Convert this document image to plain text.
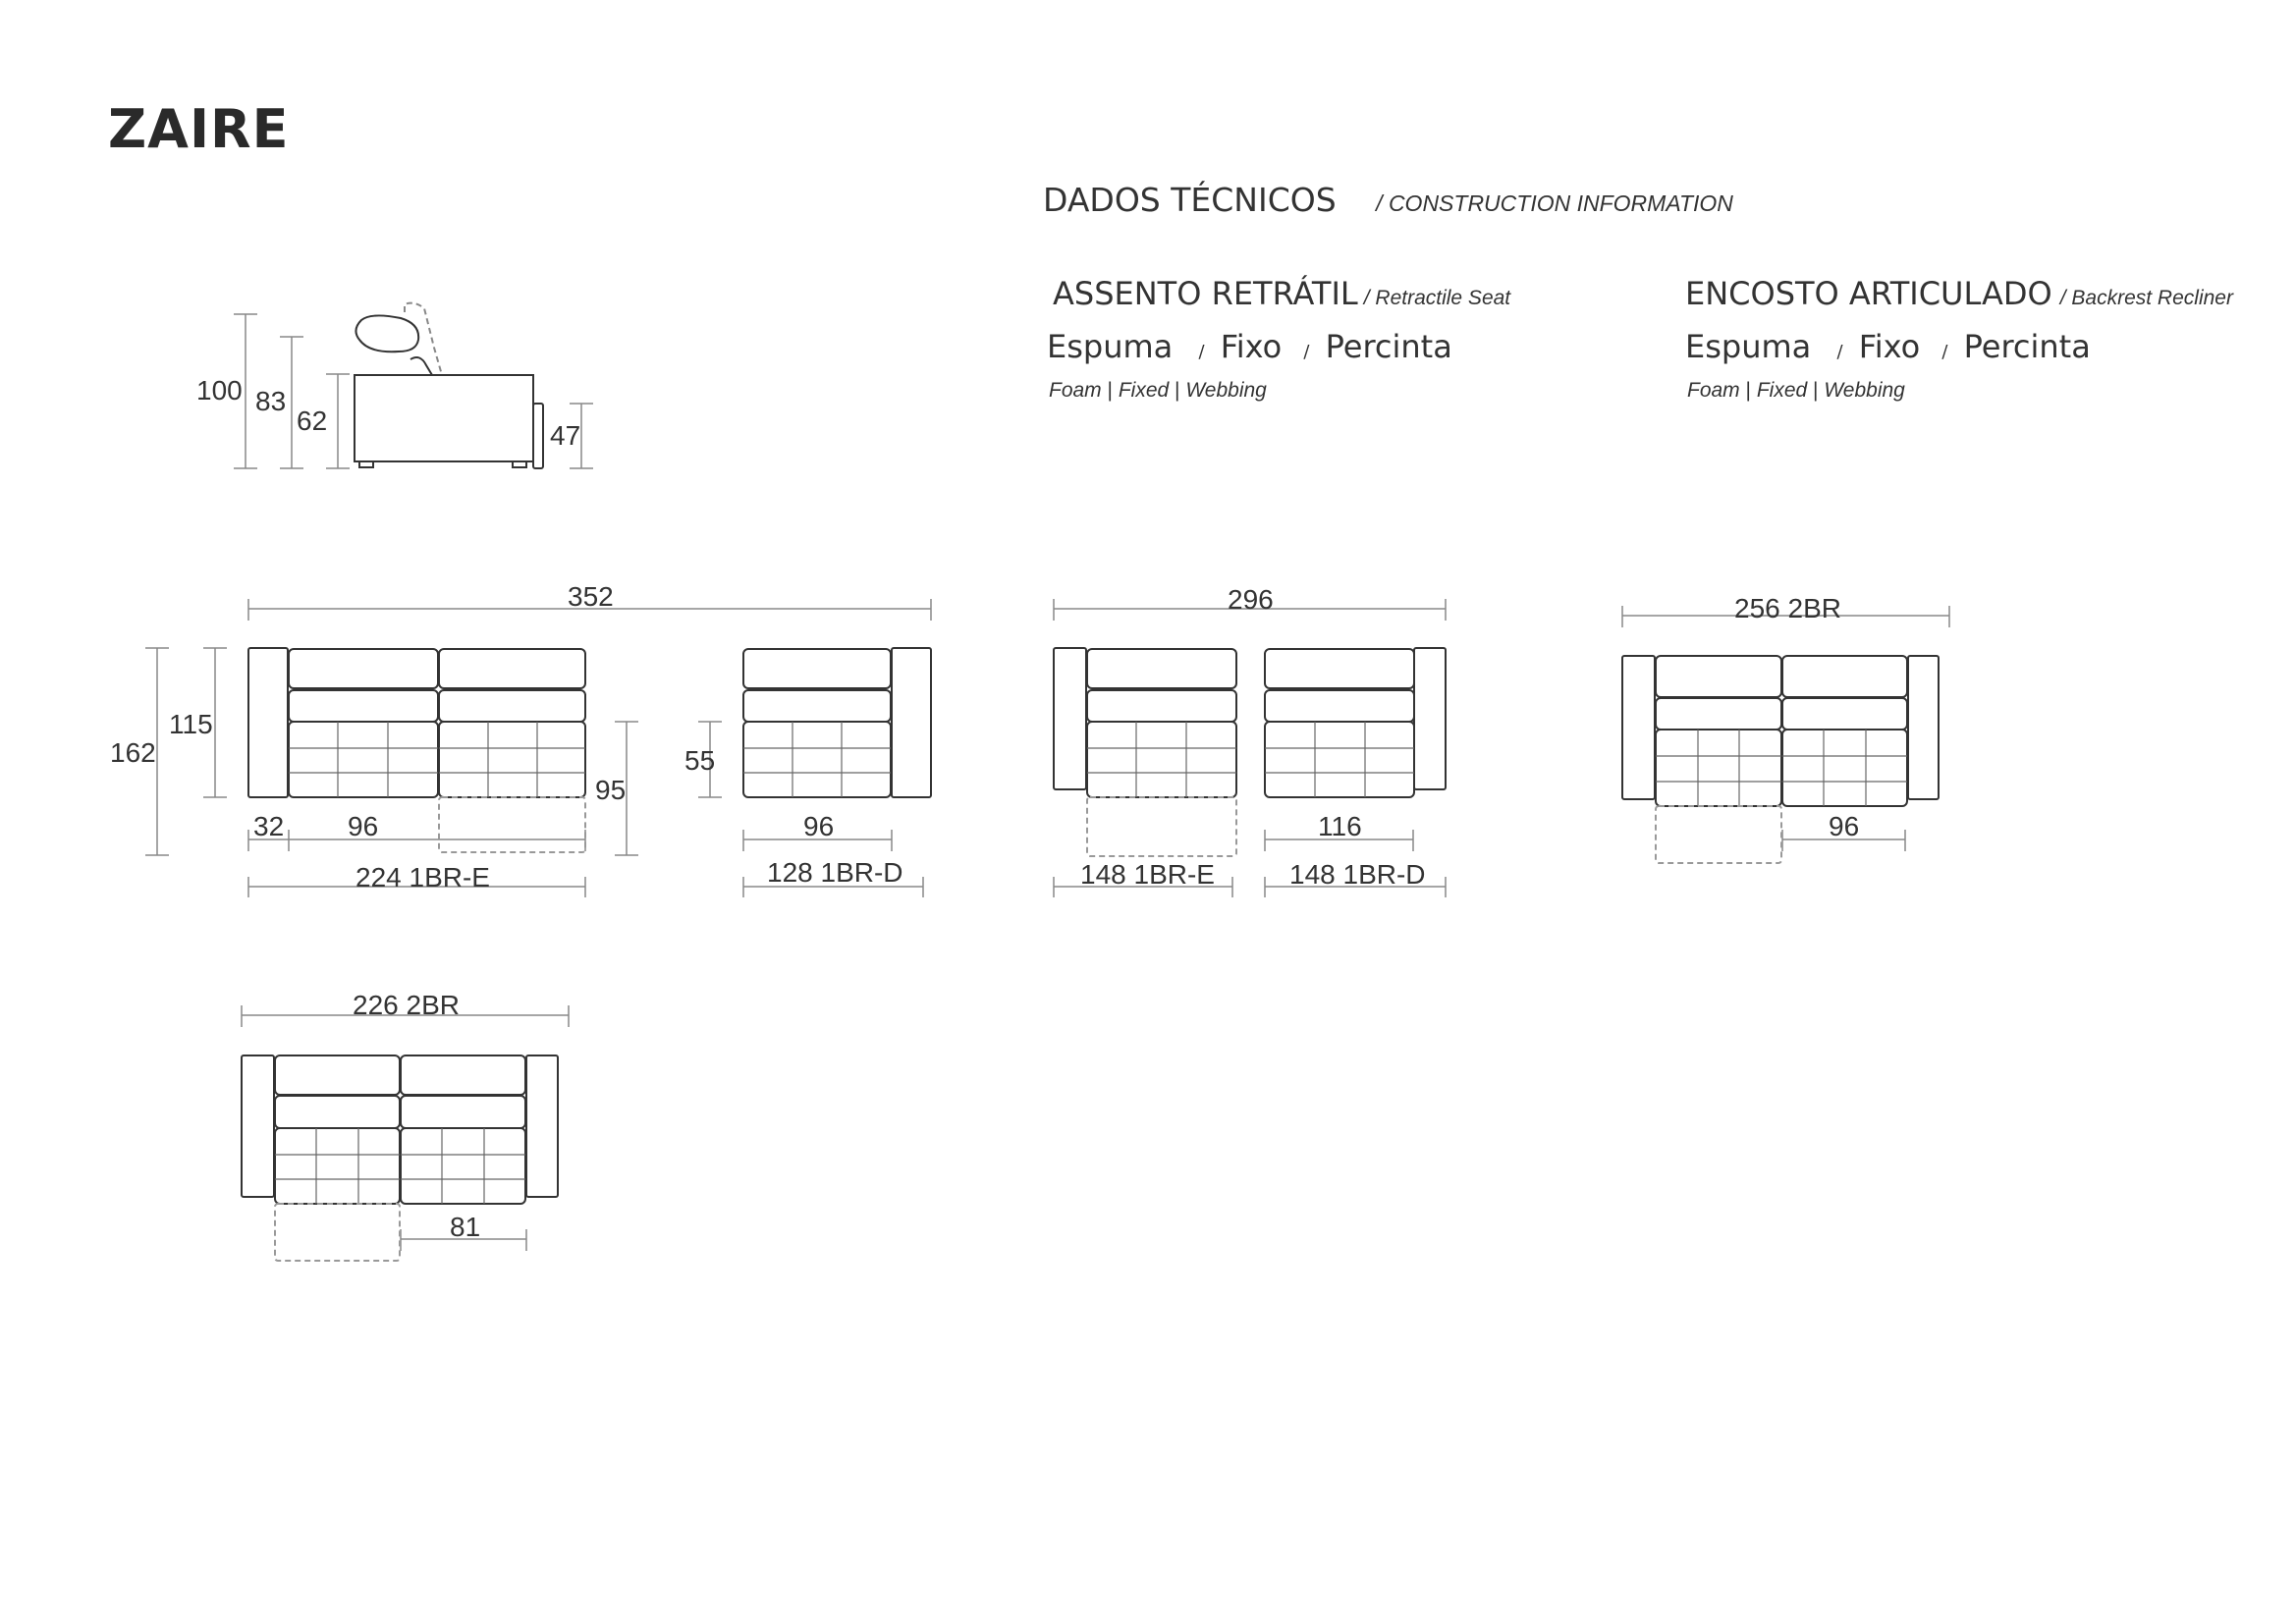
ZAIRE
DADOS TÉCNICOS / CONSTRUCTION INFORMATION
ASSENTO RETRÁTIL / Retractile Seat
Espuma / Fixo / Percinta
Foam | Fixed | Webbing
ENCOSTO ARTICULADO / Backrest Recliner
Espuma / Fixo / Percinta
Foam | Fixed | Webbing
100 83
62	47
352
162
115
32 96
95
224 1BR-E
55
96
128 1BR-D
296
116
148 1BR-E	148 1BR-D
256 2BR
96
226 2BR
81
